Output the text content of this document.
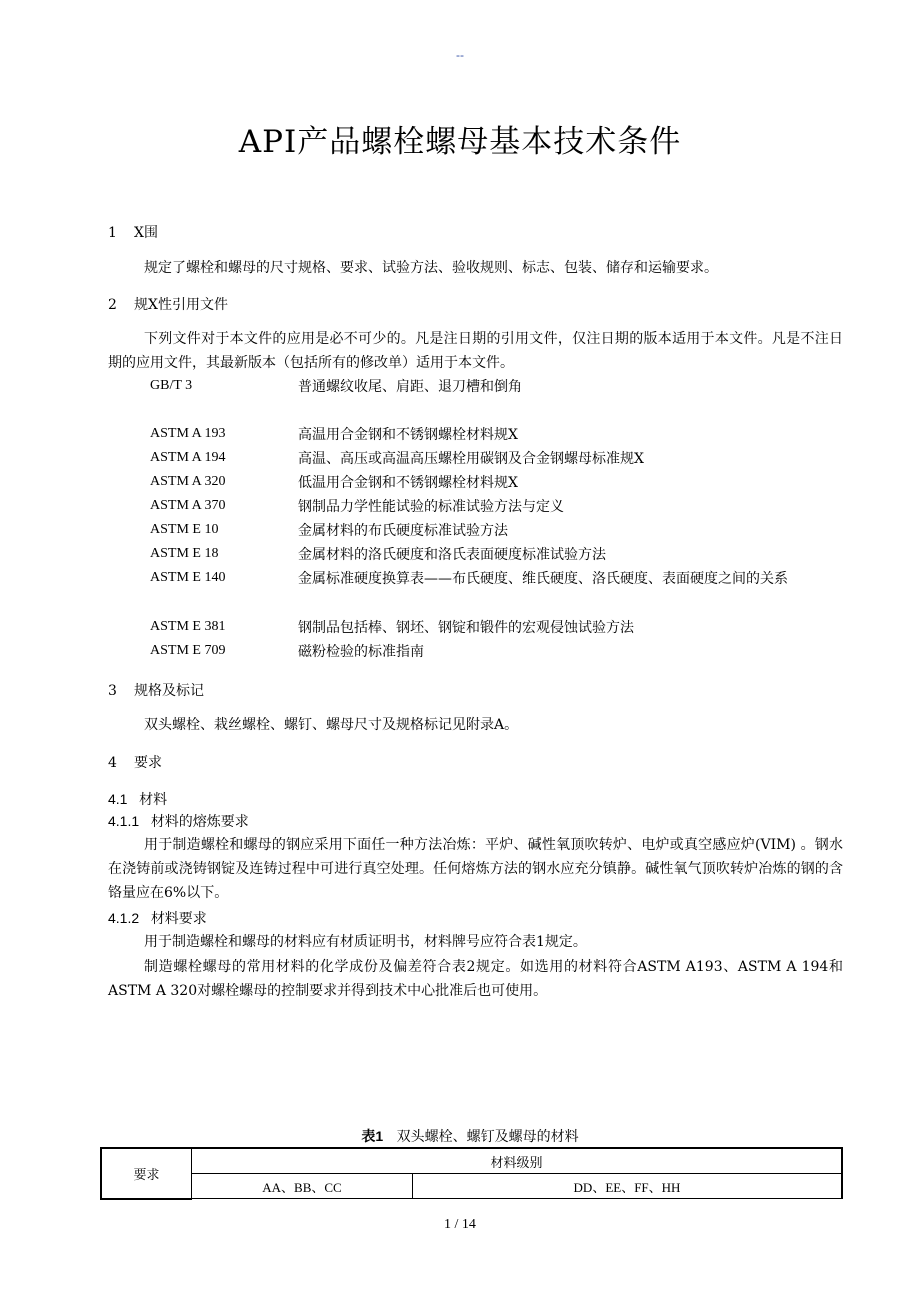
--
API产品螺栓螺母基本技术条件
1 X围

规定了螺栓和螺母的尺寸规格、要求、试验方法、验收规则、标志、包装、储存和运输要求。

2 规X性引用文件

下列文件对于本文件的应用是必不可少的。凡是注日期的引用文件，仅注日期的版本适用于本文件。凡是不注日期的应用文件，其最新版本（包括所有的修改单）适用于本文件。

GB/T 3	普通螺纹收尾、肩距、退刀槽和倒角
ASTM A 193	高温用合金钢和不锈钢螺栓材料规X
ASTM A 194	高温、高压或高温高压螺栓用碳钢及合金钢螺母标准规X
ASTM A 320	低温用合金钢和不锈钢螺栓材料规X
ASTM A 370	钢制品力学性能试验的标准试验方法与定义
ASTM E 10	金属材料的布氏硬度标准试验方法
ASTM E 18	金属材料的洛氏硬度和洛氏表面硬度标准试验方法
ASTM E 140	金属标准硬度换算表——布氏硬度、维氏硬度、洛氏硬度、表面硬度之间的关系
ASTM E 381	钢制品包括棒、钢坯、钢锭和锻件的宏观侵蚀试验方法
ASTM E 709	磁粉检验的标准指南
3 规格及标记

双头螺栓、栽丝螺栓、螺钉、螺母尺寸及规格标记见附录A。

4 要求
4.1 材料
4.1.1 材料的熔炼要求

用于制造螺栓和螺母的钢应采用下面任一种方法冶炼：平炉、碱性氧顶吹转炉、电炉或真空感应炉(VIM) 。钢水在浇铸前或浇铸钢锭及连铸过程中可进行真空处理。任何熔炼方法的钢水应充分镇静。碱性氧气顶吹转炉冶炼的钢的含铬量应在6%以下。

4.1.2 材料要求

用于制造螺栓和螺母的材料应有材质证明书，材料牌号应符合表1规定。

制造螺栓螺母的常用材料的化学成份及偏差符合表2规定。如选用的材料符合ASTM A193、ASTM A 194和ASTM A 320对螺栓螺母的控制要求并得到技术中心批准后也可使用。

表1 双头螺栓、螺钉及螺母的材料
要求	材料级别	
	AA、BB、CC	DD、EE、FF、HH
1 / 14
